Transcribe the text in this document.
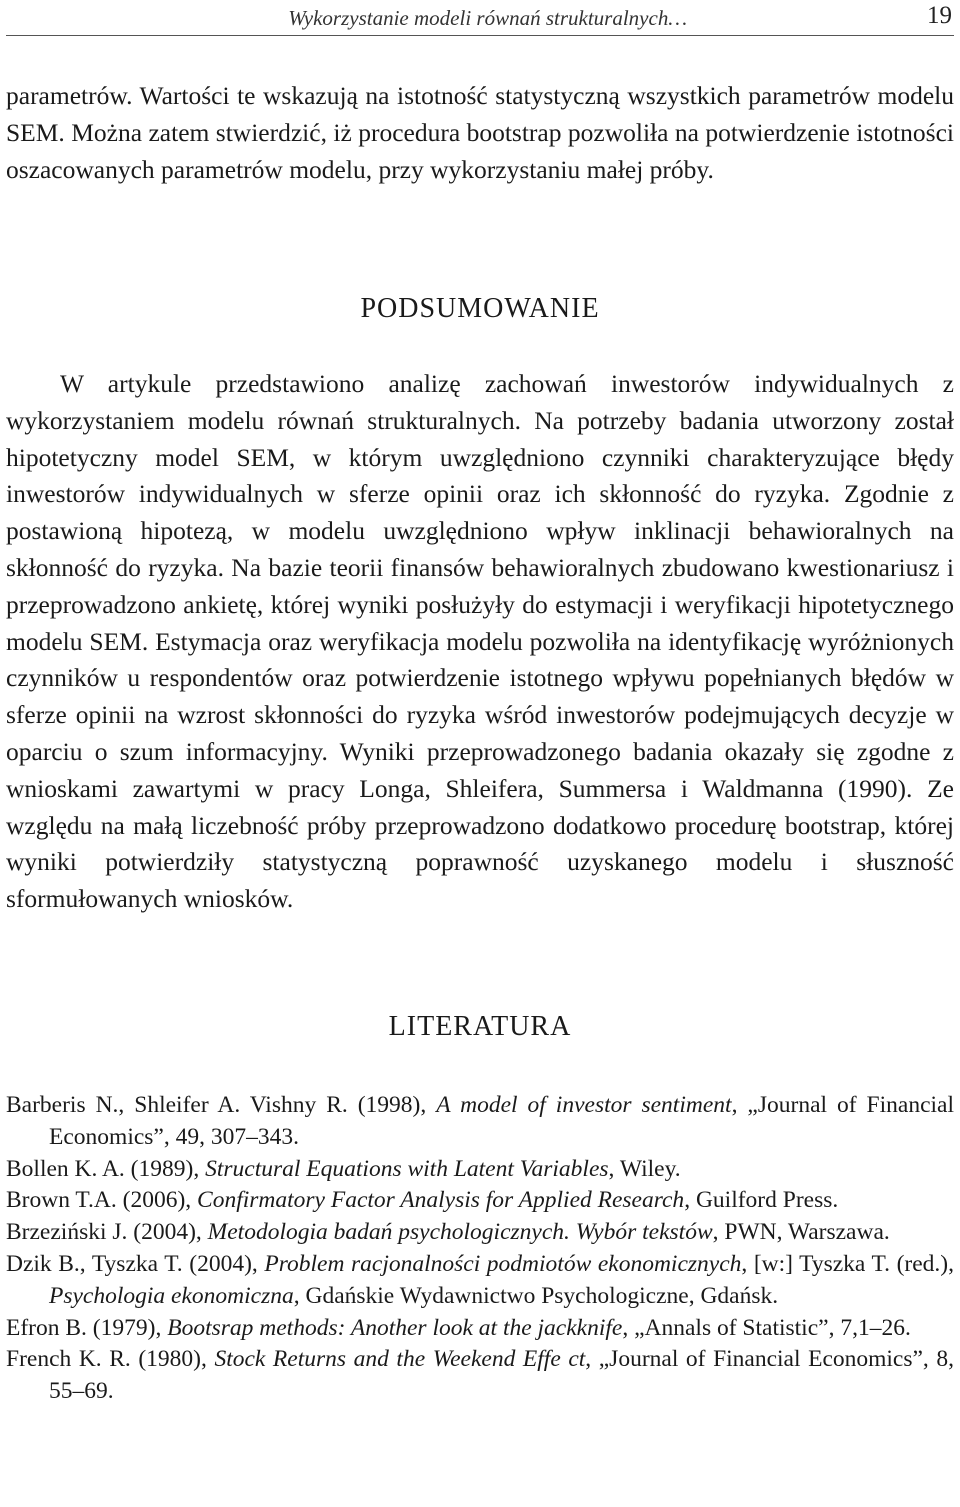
Wykorzystanie modeli równań strukturalnych…	19

parametrów. Wartości te wskazują na istotność statystyczną wszystkich parametrów modelu SEM. Można zatem stwierdzić, iż procedura bootstrap pozwoliła na potwierdzenie istotności oszacowanych parametrów modelu, przy wykorzystaniu małej próby.

PODSUMOWANIE

W artykule przedstawiono analizę zachowań inwestorów indywidualnych z wykorzystaniem modelu równań strukturalnych. Na potrzeby badania utworzony został hipotetyczny model SEM, w którym uwzględniono czynniki charakteryzujące błędy inwestorów indywidualnych w sferze opinii oraz ich skłonność do ryzyka. Zgodnie z postawioną hipotezą, w modelu uwzględniono wpływ inklinacji behawioralnych na skłonność do ryzyka. Na bazie teorii finansów behawioralnych zbudowano kwestionariusz i przeprowadzono ankietę, której wyniki posłużyły do estymacji i weryfikacji hipotetycznego modelu SEM. Estymacja oraz weryfikacja modelu pozwoliła na identyfikację wyróżnionych czynników u respondentów oraz potwierdzenie istotnego wpływu popełnianych błędów w sferze opinii na wzrost skłonności do ryzyka wśród inwestorów podejmujących decyzje w oparciu o szum informacyjny. Wyniki przeprowadzonego badania okazały się zgodne z wnioskami zawartymi w pracy Longa, Shleifera, Summersa i Waldmanna (1990). Ze względu na małą liczebność próby przeprowadzono dodatkowo procedurę bootstrap, której wyniki potwierdziły statystyczną poprawność uzyskanego modelu i słuszność sformułowanych wniosków.

LITERATURA
Barberis N., Shleifer A. Vishny R. (1998), A model of investor sentiment, „Journal of Financial Economics”, 49, 307–343.
Bollen K. A. (1989), Structural Equations with Latent Variables, Wiley.
Brown T.A. (2006), Confirmatory Factor Analysis for Applied Research, Guilford Press.
Brzeziński J. (2004), Metodologia badań psychologicznych. Wybór tekstów, PWN, Warszawa.
Dzik B., Tyszka T. (2004), Problem racjonalności podmiotów ekonomicznych, [w:] Tyszka T. (red.), Psychologia ekonomiczna, Gdańskie Wydawnictwo Psychologiczne, Gdańsk.
Efron B. (1979), Bootsrap methods: Another look at the jackknife, „Annals of Statistic”, 7,1–26.
French K. R. (1980), Stock Returns and the Weekend Effe ct, „Journal of Financial Economics”, 8, 55–69.
